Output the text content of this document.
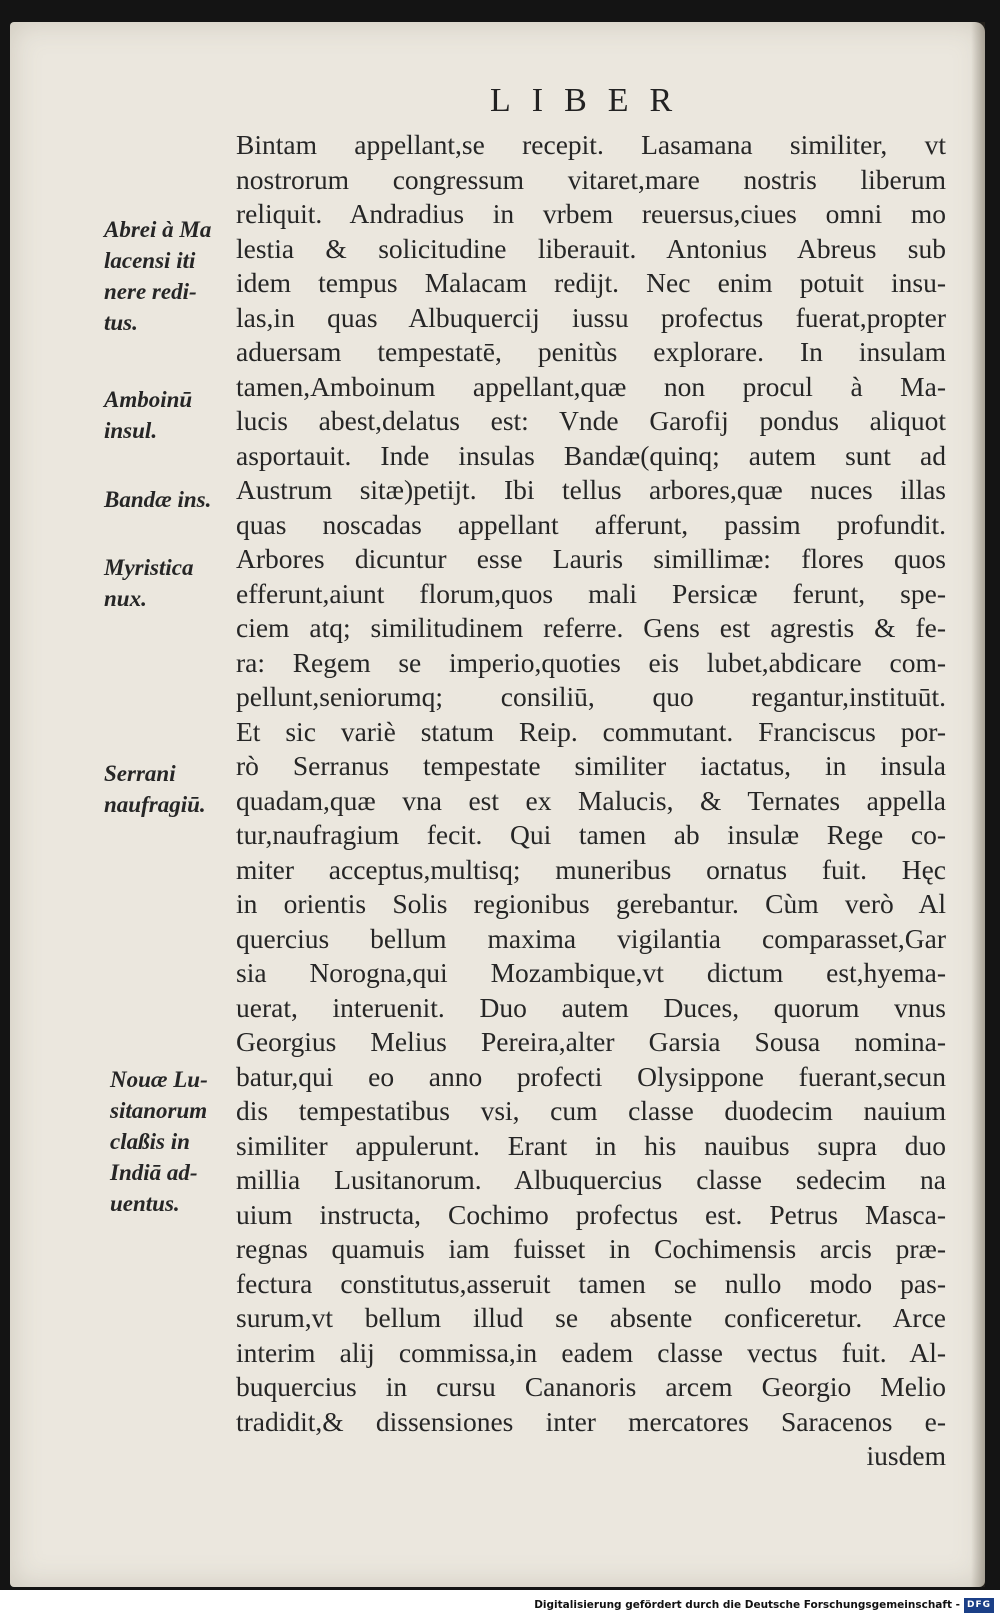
LIBER
Bintam appellant,se recepit. Lasamana similiter, vt
nostrorum congressum vitaret,mare nostris liberum
reliquit. Andradius in vrbem reuersus,ciues omni mo
lestia & solicitudine liberauit. Antonius Abreus sub
idem tempus Malacam rediјt. Nec enim potuit insu-
las,in quas Albuquercij iussu profectus fuerat,propter
aduersam tempestatē, penitùs explorare. In insulam
tamen,Amboinum appellant,quæ non procul à Ma-
lucis abest,delatus est: Vnde Garofij pondus aliquot
asportauit. Inde insulas Bandæ(quinq; autem sunt ad
Austrum sitæ)petijt. Ibi tellus arbores,quæ nuces illas
quas noscadas appellant afferunt, passim profundit.
Arbores dicuntur esse Lauris simillimæ: flores quos
efferunt,aiunt florum,quos mali Persicæ ferunt, spe-
ciem atq; similitudinem referre. Gens est agrestis & fe-
ra: Regem se imperio,quoties eis lubet,abdicare com-
pellunt,seniorumq; consiliū, quo regantur,instituūt.
Et sic variè statum Reip. commutant. Franciscus por-
rò Serranus tempestate similiter iactatus, in insula
quadam,quæ vna est ex Malucis, & Ternates appella
tur,naufragium fecit. Qui tamen ab insulæ Rege co-
miter acceptus,multisq; muneribus ornatus fuit. Hęc
in orientis Solis regionibus gerebantur. Cùm verò Al
quercius bellum maxima vigilantia comparasset,Gar
sia Norogna,qui Mozambique,vt dictum est,hyema-
uerat, interuenit. Duo autem Duces, quorum vnus
Georgius Melius Pereira,alter Garsia Sousa nomina-
batur,qui eo anno profecti Olysippone fuerant,secun
dis tempestatibus vsi, cum classe duodecim nauium
similiter appulerunt. Erant in his nauibus supra duo
millia Lusitanorum. Albuquercius classe sedecim na
uium instructa, Cochimo profectus est. Petrus Masca-
regnas quamuis iam fuisset in Cochimensis arcis præ-
fectura constitutus,asseruit tamen se nullo modo pas-
surum,vt bellum illud se absente conficeretur. Arce
interim alij commissa,in eadem classe vectus fuit. Al-
buquercius in cursu Cananoris arcem Georgio Melio
tradidit,& dissensiones inter mercatores Saracenos e-
iusdem
Abrei à Ma
lacensi iti
nere redi-
tus.
Amboinū
insul.
Bandæ ins.
Myristica
nux.
Serrani
naufragiū.
Nouæ Lu-
sitanorum
claßis in
Indiā ad-
uentus.
Digitalisierung gefördert durch die Deutsche Forschungsgemeinschaft - DFG
